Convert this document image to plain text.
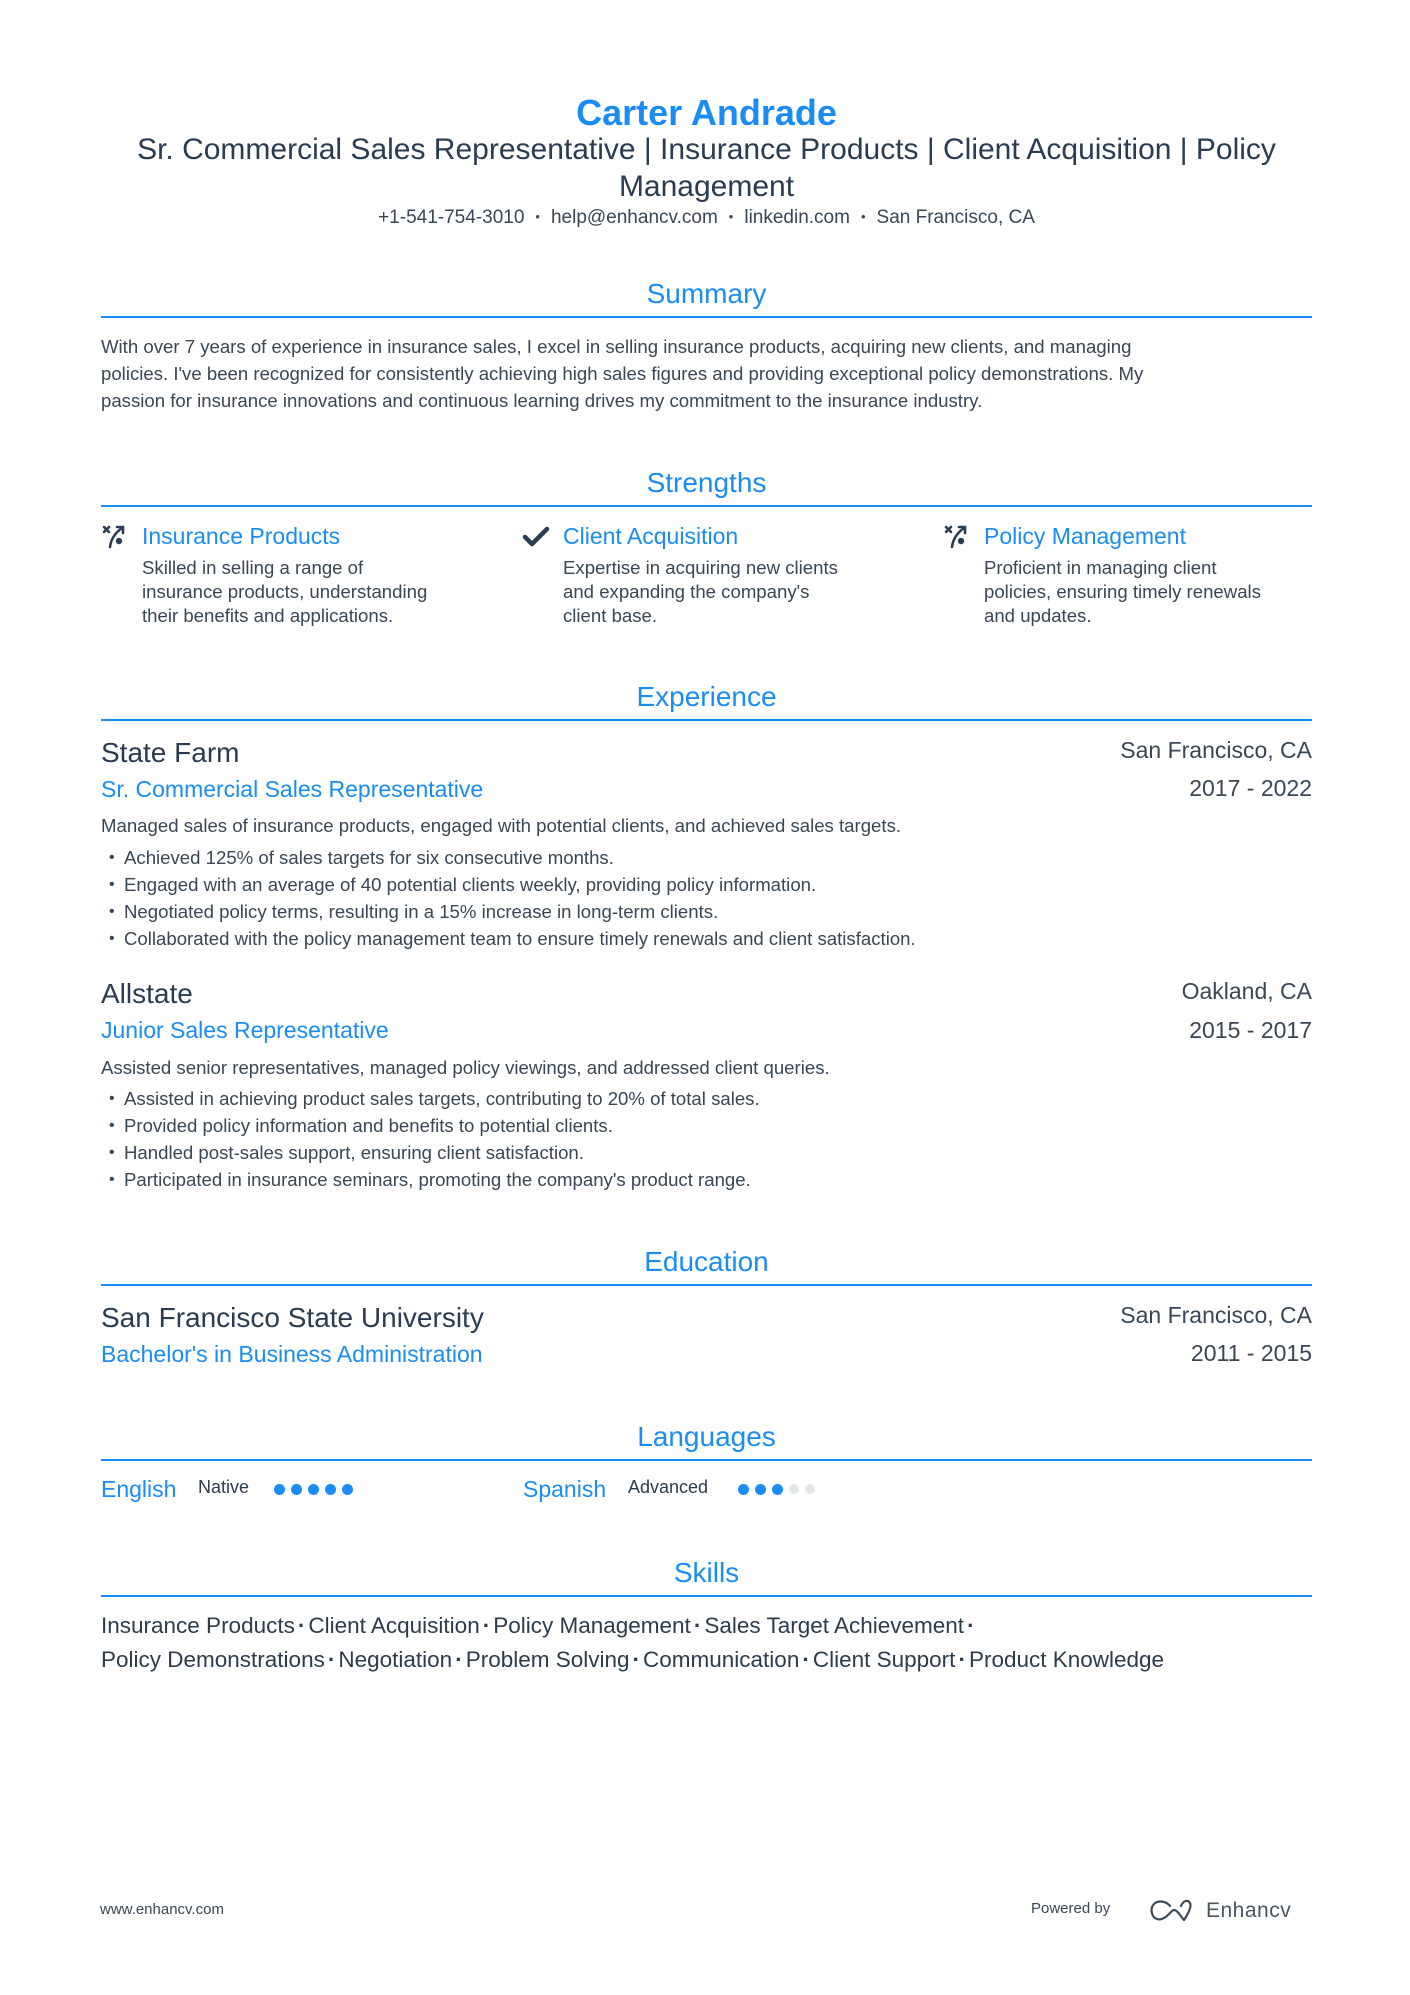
Carter Andrade
Sr. Commercial Sales Representative | Insurance Products | Client Acquisition | Policy
Management
+1-541-754-3010 • help@enhancv.com • linkedin.com • San Francisco, CA
Summary
With over 7 years of experience in insurance sales, I excel in selling insurance products, acquiring new clients, and managing
policies. I've been recognized for consistently achieving high sales figures and providing exceptional policy demonstrations. My
passion for insurance innovations and continuous learning drives my commitment to the insurance industry.
Strengths
Insurance Products
Skilled in selling a range of
insurance products, understanding
their benefits and applications.
Client Acquisition
Expertise in acquiring new clients
and expanding the company's
client base.
Policy Management
Proficient in managing client
policies, ensuring timely renewals
and updates.
Experience
State Farm	San Francisco, CA
Sr. Commercial Sales Representative	2017 - 2022
Managed sales of insurance products, engaged with potential clients, and achieved sales targets.
• Achieved 125% of sales targets for six consecutive months.
• Engaged with an average of 40 potential clients weekly, providing policy information.
• Negotiated policy terms, resulting in a 15% increase in long-term clients.
• Collaborated with the policy management team to ensure timely renewals and client satisfaction.
Allstate	Oakland, CA
Junior Sales Representative	2015 - 2017
Assisted senior representatives, managed policy viewings, and addressed client queries.
• Assisted in achieving product sales targets, contributing to 20% of total sales.
• Provided policy information and benefits to potential clients.
• Handled post-sales support, ensuring client satisfaction.
• Participated in insurance seminars, promoting the company's product range.
Education
San Francisco State University	San Francisco, CA
Bachelor's in Business Administration	2011 - 2015
Languages
English Native	Spanish Advanced
Skills
Insurance Products · Client Acquisition · Policy Management · Sales Target Achievement ·
Policy Demonstrations · Negotiation · Problem Solving · Communication · Client Support · Product Knowledge
www.enhancv.com	Powered by	Enhancv
